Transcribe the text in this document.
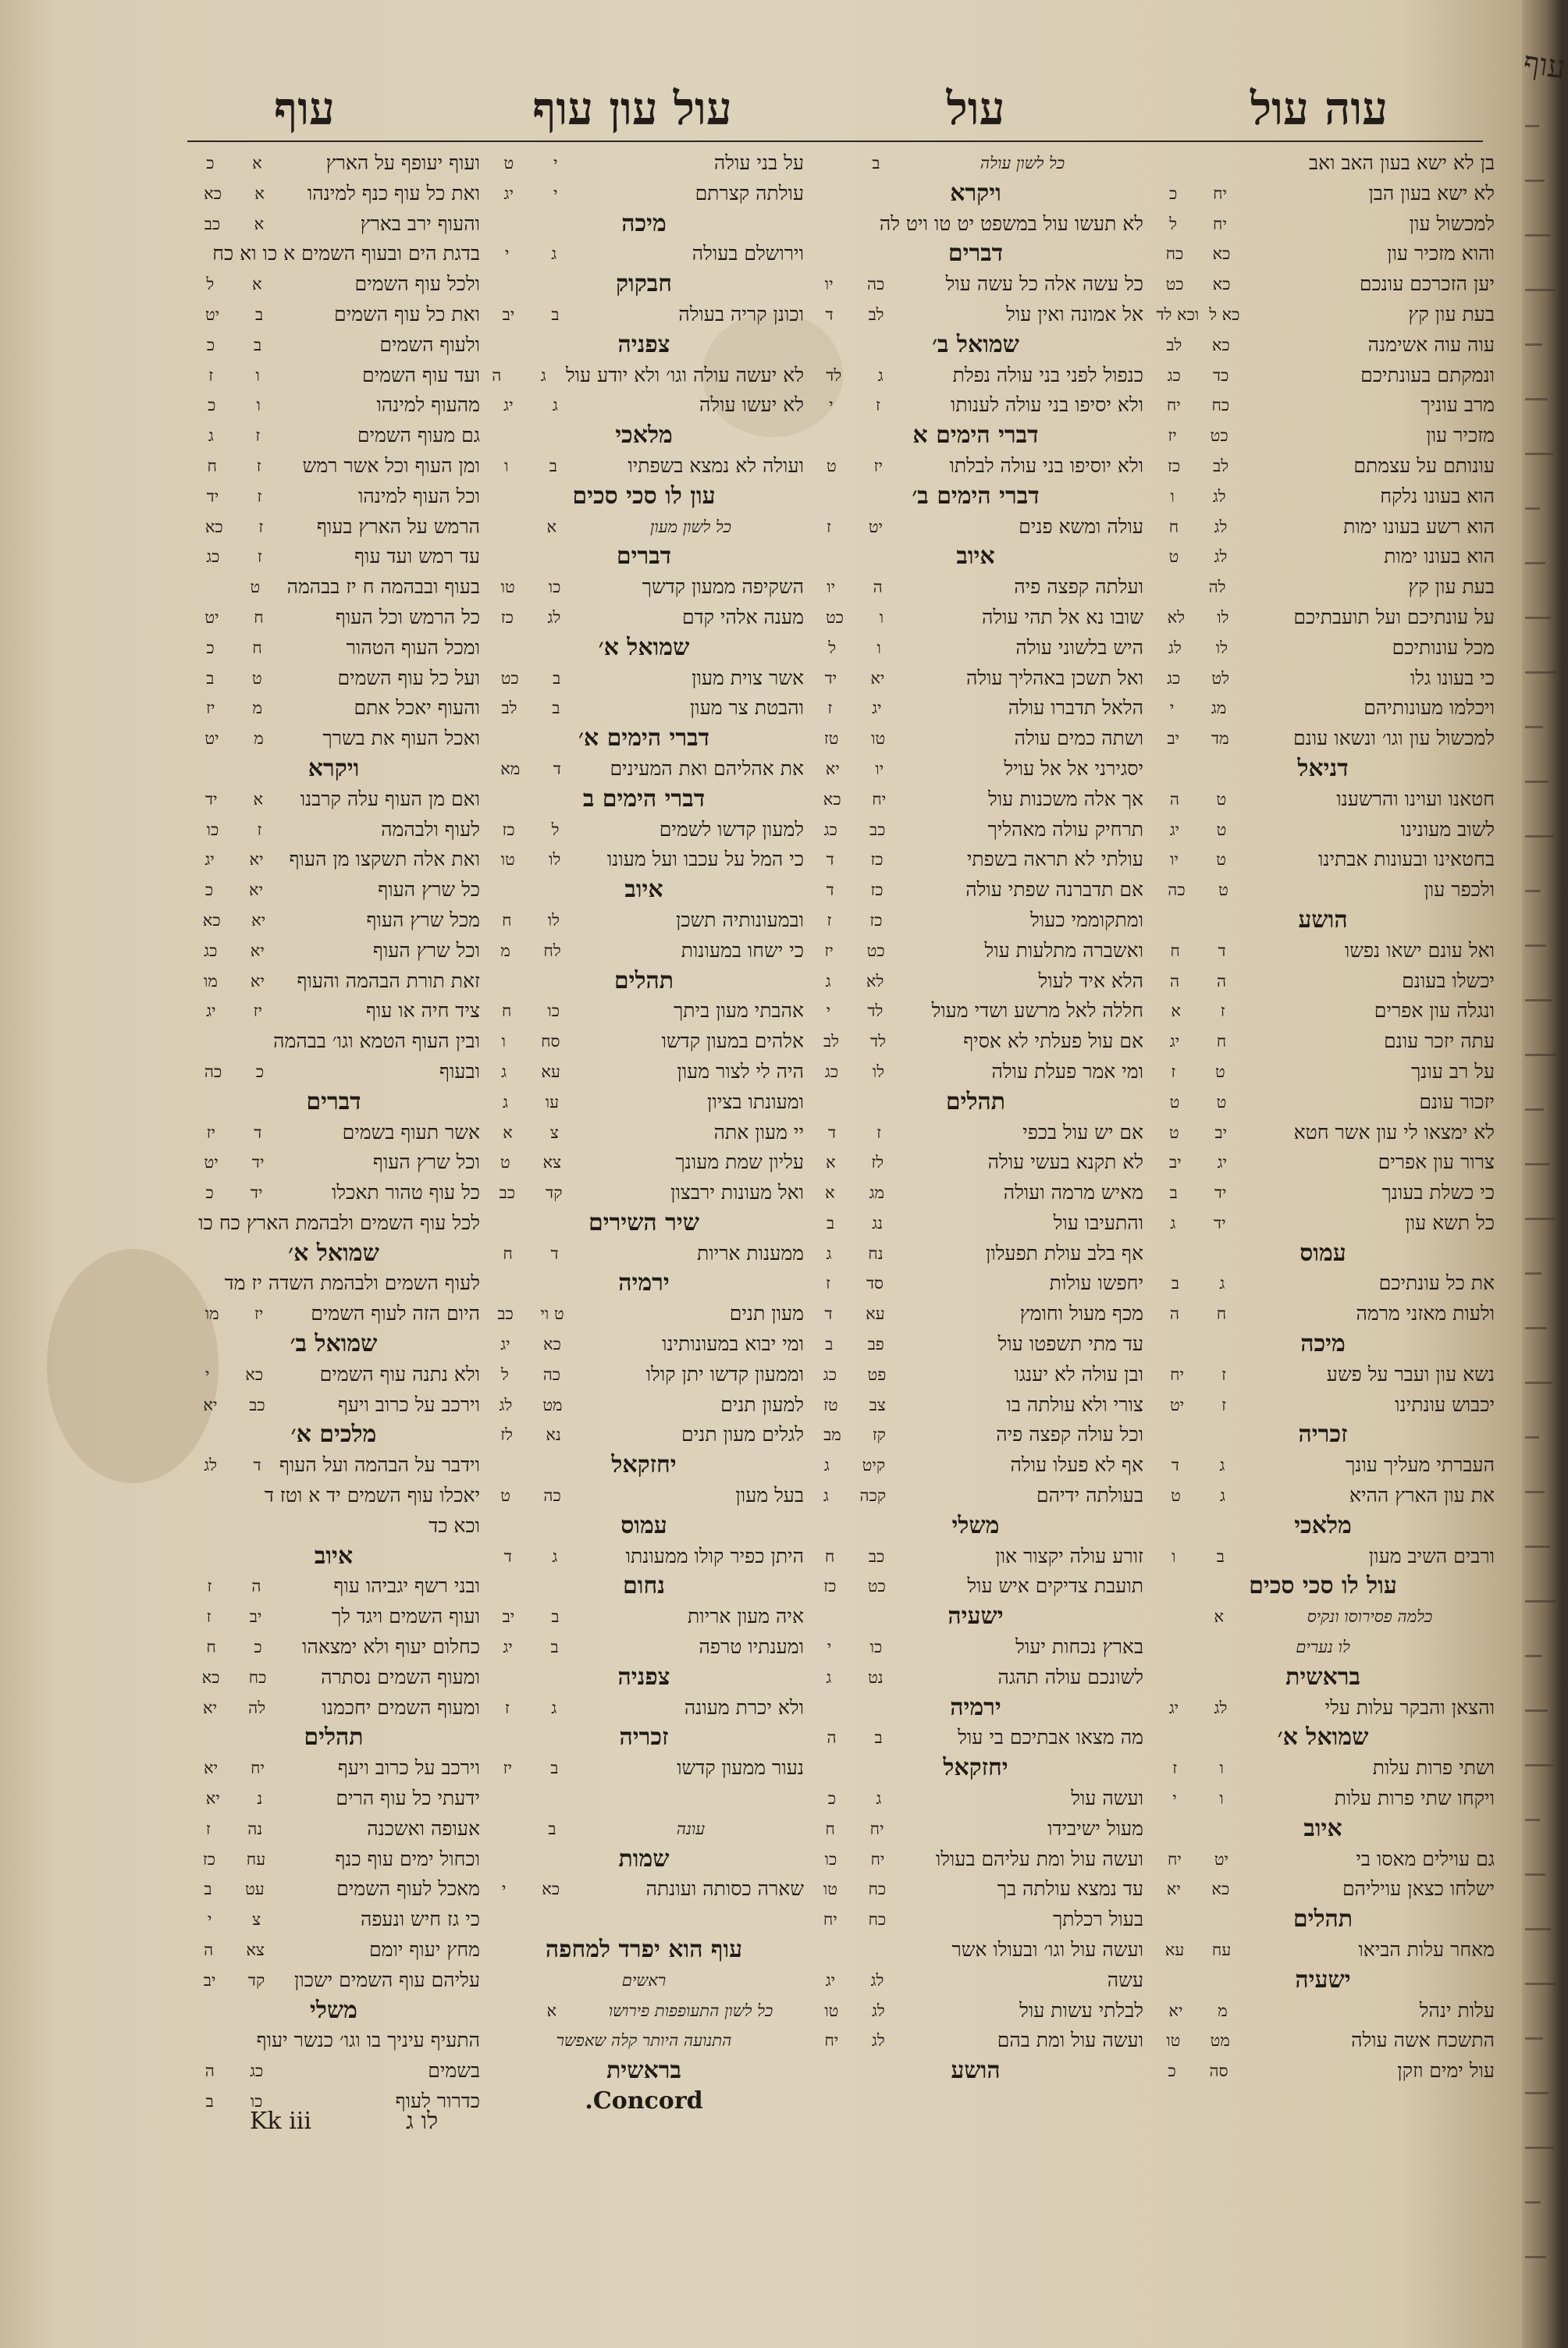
עוה עול
עול
עול עון עוף
עוף
בן לא ישא בעון האב ואב
לא ישא בעון הבן
יח
כ
למכשול עון
יח
ל
והוא מזכיר עון
כא
כח
יען הזכרכם עונכם
כא
כט
בעת עון קץ
כא ל
וכא לד
עוה עוה אשימנה
כא
לב
ונמקתם בעונתיכם
כד
כג
מרב עוניך
כח
יח
מזכיר עון
כט
יז
עונותם על עצמתם
לב
כז
הוא בעונו נלקח
לג
ו
הוא רשע בעונו ימות
לג
ח
הוא בעונו ימות
לג
ט
בעת עון קץ
לה
על עונתיכם ועל תועבתיכם
לו
לא
מכל עונותיכם
לו
לג
כי בעונו גלו
לט
כג
ויכלמו מעונותיהם
מג
י
למכשול עון וגו׳ ונשאו עונם
מד
יב
דניאל
חטאנו ועוינו והרשענו
ט
ה
לשוב מעונינו
ט
יג
בחטאינו ובעונות אבתינו
ט
יו
ולכפר עון
ט
כה
הושע
ואל עונם ישאו נפשו
ד
ח
יכשלו בעונם
ה
ה
ונגלה עון אפרים
ז
א
עתה יזכר עונם
ח
יג
על רב עונך
ט
ז
יזכור עונם
ט
ט
לא ימצאו לי עון אשר חטא
יב
ט
צרור עון אפרים
יג
יב
כי כשלת בעונך
יד
ב
כל תשא עון
יד
ג
עמוס
את כל עונתיכם
ג
ב
ולעות מאזני מרמה
ח
ה
מיכה
נשא עון ועבר על פשע
ז
יח
יכבוש עונתינו
ז
יט
זכריה
העברתי מעליך עונך
ג
ד
את עון הארץ ההיא
ג
ט
מלאכי
ורבים השיב מעון
ב
ו
עול לו סכי סכים
כלמה פסירוסו ונקיס
א
לו נערים
בראשית
והצאן והבקר עלות עלי
לג
יג
שמואל א׳
ושתי פרות עלות
ו
ז
ויקחו שתי פרות עלות
ו
י
איוב
גם עוילים מאסו בי
יט
יח
ישלחו כצאן עויליהם
כא
יא
תהלים
מאחר עלות הביאו
עח
עא
ישעיה
עלות ינהל
מ
יא
התשכח אשה עולה
מט
טו
עול ימים וזקן
סה
כ
כל לשון עולה
ב
ויקרא
לא תעשו עול במשפט יט טו ויט לה
דברים
כל עשה אלה כל עשה עול
כה
יו
אל אמונה ואין עול
לב
ד
שמואל ב׳
כנפול לפני בני עולה נפלת
ג
לד
ולא יסיפו בני עולה לענותו
ז
י
דברי הימים א
ולא יוסיפו בני עולה לבלתו
יז
ט
דברי הימים ב׳
עולה ומשא פנים
יט
ז
איוב
ועלתה קפצה פיה
ה
יו
שובו נא אל תהי עולה
ו
כט
היש בלשוני עולה
ו
ל
ואל תשכן באהליך עולה
יא
יד
הלאל תדברו עולה
יג
ז
ושתה כמים עולה
טו
טז
יסגירני אל אל עויל
יו
יא
אך אלה משכנות עול
יח
כא
תרחיק עולה מאהליך
כב
כג
עולתי לא תראה בשפתי
כז
ד
אם תדברנה שפתי עולה
כז
ד
ומתקוממי כעול
כז
ז
ואשברה מתלעות עול
כט
יז
הלא איד לעול
לא
ג
חללה לאל מרשע ושדי מעול
לד
י
אם עול פעלתי לא אסיף
לד
לב
ומי אמר פעלת עולה
לו
כג
תהלים
אם יש עול בכפי
ז
ד
לא תקנא בעשי עולה
לז
א
מאיש מרמה ועולה
מג
א
והתעיבו עול
נג
ב
אף בלב עולת תפעלון
נח
ג
יחפשו עולות
סד
ז
מכף מעול וחומץ
עא
ד
עד מתי תשפטו עול
פב
ב
ובן עולה לא יענגו
פט
כג
צורי ולא עולתה בו
צב
טז
וכל עולה קפצה פיה
קז
מב
אף לא פעלו עולה
קיט
ג
בעולתה ידיהם
קכה
ג
משלי
זורע עולה יקצור און
כב
ח
תועבת צדיקים איש עול
כט
כז
ישעיה
בארץ נכחות יעול
כו
י
לשונכם עולה תהגה
נט
ג
ירמיה
מה מצאו אבתיכם בי עול
ב
ה
יחזקאל
ועשה עול
ג
כ
מעול ישיבידו
יח
ח
ועשה עול ומת עליהם בעולו
יח
כו
עד נמצא עולתה בך
כח
טו
בעול רכלתך
כח
יח
ועשה עול וגו׳ ובעולו אשר
עשה
לג
יג
לבלתי עשות עול
לג
טו
ועשה עול ומת בהם
לג
יח
הושע
על בני עולה
י
ט
עולתה קצרתם
י
יג
מיכה
וירושלם בעולה
ג
י
חבקוק
וכונן קריה בעולה
ב
יב
צפניה
לא יעשה עולה וגו׳ ולא יודע עול
ג
ה
לא יעשו עולה
ג
יג
מלאכי
ועולה לא נמצא בשפתיו
ב
ו
עון לו סכי סכים
כל לשון מעון
א
דברים
השקיפה ממעון קדשך
כו
טו
מענה אלהי קדם
לג
כז
שמואל א׳
אשר צוית מעון
ב
כט
והבטת צר מעון
ב
לב
דברי הימים א׳
את אהליהם ואת המעינים
ד
מא
דברי הימים ב
למעון קדשו לשמים
ל
כז
כי המל על עכבו ועל מעונו
לו
טו
איוב
ובמעונותיה תשכן
לו
ח
כי ישחו במעונות
לח
מ
תהלים
אהבתי מעון ביתך
כו
ח
אלהים במעון קדשו
סח
ו
היה לי לצור מעון
עא
ג
ומעונתו בציון
עו
ג
יי מעון אתה
צ
א
עליון שמת מעונך
צא
ט
ואל מעונות ירבצון
קד
כב
שיר השירים
ממענות אריות
ד
ח
ירמיה
מעון תנים
ט וי
כב
ומי יבוא במעונותינו
כא
יג
וממעון קדשו יתן קולו
כה
ל
למעון תנים
מט
לג
לגלים מעון תנים
נא
לז
יחזקאל
בעל מעון
כה
ט
עמוס
היתן כפיר קולו ממעונתו
ג
ד
נחום
איה מעון אריות
ב
יב
ומענתיו טרפה
ב
יג
צפניה
ולא יכרת מעונה
ג
ז
זכריה
נעור ממעון קדשו
ב
יז
עונה
ב
שמות
שארה כסותה ועונתה
כא
י
עוף הוא יפרד למחפה
ראשים
כל לשון התעופפות פירושו
א
התנועה היותר קלה שאפשר
בראשית
Concord.
ועוף יעופף על הארץ
א
כ
ואת כל עוף כנף למינהו
א
כא
והעוף ירב בארץ
א
כב
בדגת הים ובעוף השמים א כו וא כח
ולכל עוף השמים
א
ל
ואת כל עוף השמים
ב
יט
ולעוף השמים
ב
כ
ועד עוף השמים
ו
ז
מהעוף למינהו
ו
כ
גם מעוף השמים
ז
ג
ומן העוף וכל אשר רמש
ז
ח
וכל העוף למינהו
ז
יד
הרמש על הארץ בעוף
ז
כא
עד רמש ועד עוף
ז
כג
בעוף ובבהמה ח יז בבהמה
ט
כל הרמש וכל העוף
ח
יט
ומכל העוף הטהור
ח
כ
ועל כל עוף השמים
ט
ב
והעוף יאכל אתם
מ
יז
ואכל העוף את בשרך
מ
יט
ויקרא
ואם מן העוף עלה קרבנו
א
יד
לעוף ולבהמה
ז
כו
ואת אלה תשקצו מן העוף
יא
יג
כל שרץ העוף
יא
כ
מכל שרץ העוף
יא
כא
וכל שרץ העוף
יא
כג
זאת תורת הבהמה והעוף
יא
מו
ציד חיה או עוף
יז
יג
ובין העוף הטמא וגו׳ בבהמה
ובעוף
כ
כה
דברים
אשר תעוף בשמים
ד
יז
וכל שרץ העוף
יד
יט
כל עוף טהור תאכלו
יד
כ
לכל עוף השמים ולבהמת הארץ כח כו
שמואל א׳
לעוף השמים ולבהמת השדה יז מד
היום הזה לעוף השמים
יז
מו
שמואל ב׳
ולא נתנה עוף השמים
כא
י
וירכב על כרוב ויעף
כב
יא
מלכים א׳
וידבר על הבהמה ועל העוף
ד
לג
יאכלו עוף השמים יד א וטז ד
וכא כד
איוב
ובני רשף יגביהו עוף
ה
ז
ועוף השמים ויגד לך
יב
ז
כחלום יעוף ולא ימצאהו
כ
ח
ומעוף השמים נסתרה
כח
כא
ומעוף השמים יחכמנו
לה
יא
תהלים
וירכב על כרוב ויעף
יח
יא
ידעתי כל עוף הרים
נ
יא
אעופה ואשכנה
נה
ז
וכחול ימים עוף כנף
עח
כז
מאכל לעוף השמים
עט
ב
כי גז חיש ונעפה
צ
י
מחץ יעוף יומם
צא
ה
עליהם עוף השמים ישכון
קד
יב
משלי
התעיף עיניך בו וגו׳ כנשר יעוף
בשמים
כג
ה
כדרור לעוף
כו
ב
Kk iii	לו ג
עוף
